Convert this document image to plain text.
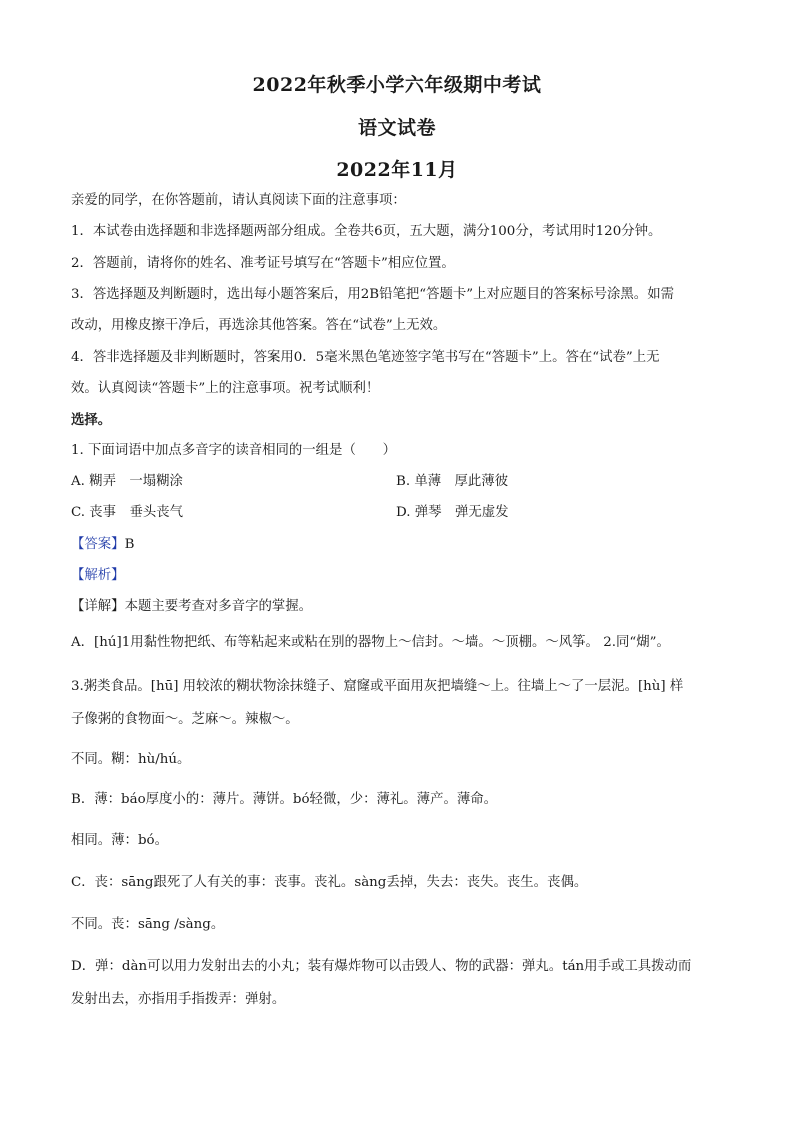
2022年秋季小学六年级期中考试
语文试卷
2022年11月
亲爱的同学，在你答题前，请认真阅读下面的注意事项：
1．本试卷由选择题和非选择题两部分组成。全卷共6页，五大题，满分100分，考试用时120分钟。
2．答题前，请将你的姓名、准考证号填写在“答题卡”相应位置。
3．答选择题及判断题时，选出每小题答案后，用2B铅笔把“答题卡”上对应题目的答案标号涂黑。如需
改动，用橡皮擦干净后，再选涂其他答案。答在“试卷”上无效。
4．答非选择题及非判断题时，答案用0．5毫米黑色笔迹签字笔书写在“答题卡”上。答在“试卷”上无
效。认真阅读“答题卡”上的注意事项。祝考试顺利！
选择。
1. 下面词语中加点多音字的读音相同的一组是（　　）
A. 糊弄　一塌糊涂	B. 单薄　厚此薄彼
C. 丧事　垂头丧气	D. 弹琴　弹无虚发
【答案】B
【解析】
【详解】本题主要考查对多音字的掌握。
A．[hú]1用黏性物把纸、布等粘起来或粘在别的器物上～信封。～墙。～顶棚。～风筝。 2.同“煳”。
3.粥类食品。[hū] 用较浓的糊状物涂抹缝子、窟窿或平面用灰把墙缝～上。往墙上～了一层泥。[hù] 样
子像粥的食物面～。芝麻～。辣椒～。
不同。糊：hù/hú。
B．薄：báo厚度小的：薄片。薄饼。bó轻微，少：薄礼。薄产。薄命。
相同。薄：bó。
C．丧：sāng跟死了人有关的事：丧事。丧礼。sàng丢掉，失去：丧失。丧生。丧偶。
不同。丧：sāng /sàng。
D．弹：dàn可以用力发射出去的小丸；装有爆炸物可以击毁人、物的武器：弹丸。tán用手或工具拨动而
发射出去，亦指用手指拨弄：弹射。
